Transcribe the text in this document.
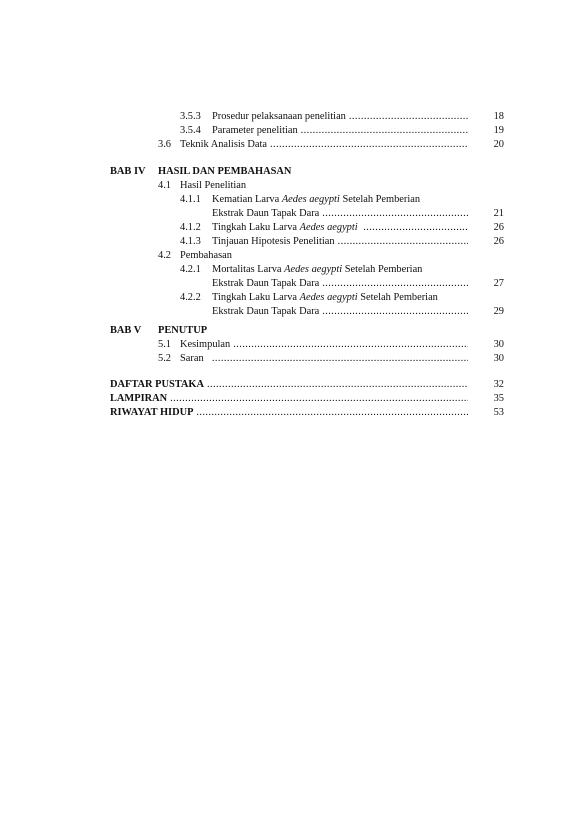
3.5.3 Prosedur pelaksanaan penelitian .....	18
3.5.4 Parameter penelitian .....	19
3.6 Teknik Analisis Data .....	20
BAB IV HASIL DAN PEMBAHASAN
4.1 Hasil Penelitian
4.1.1 Kematian Larva Aedes aegypti Setelah Pemberian
Ekstrak Daun Tapak Dara .....	21
4.1.2 Tingkah Laku Larva Aedes aegypti  .....	26
4.1.3 Tinjauan Hipotesis Penelitian .....	26
4.2 Pembahasan
4.2.1 Mortalitas Larva Aedes aegypti Setelah Pemberian
Ekstrak Daun Tapak Dara .....	27
4.2.2 Tingkah Laku Larva Aedes aegypti Setelah Pemberian
Ekstrak Daun Tapak Dara .....	29
BAB V PENUTUP
5.1 Kesimpulan .....	30
5.2 Saran   .....	30
DAFTAR PUSTAKA .....	32
LAMPIRAN .....	35
RIWAYAT HIDUP .....	53
